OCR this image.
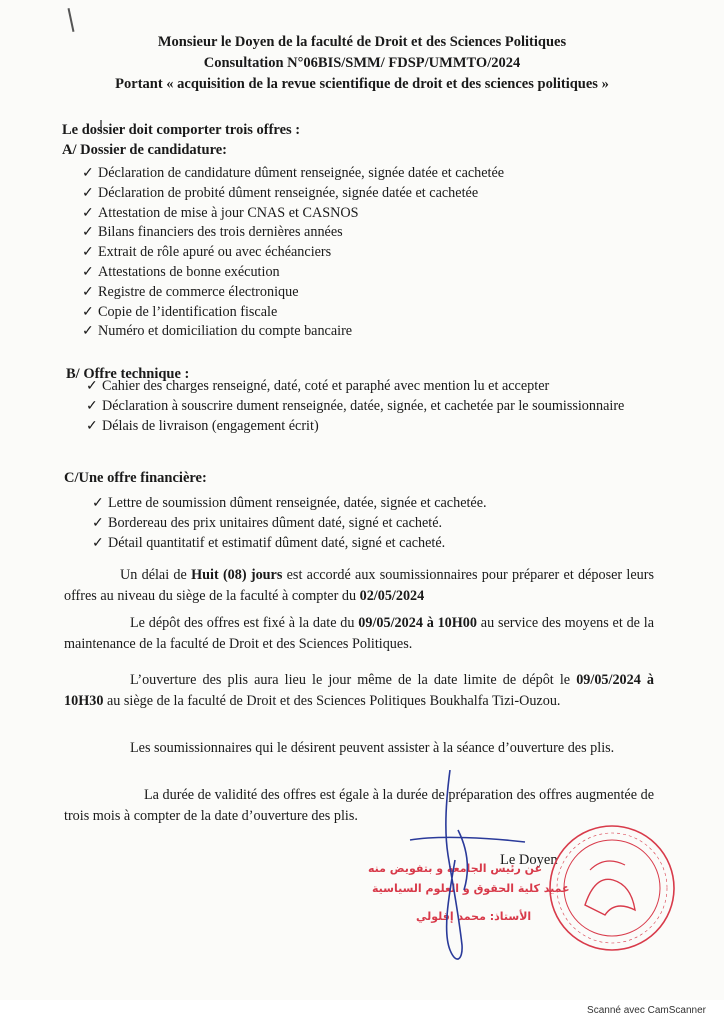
Monsieur le Doyen de la faculté de Droit et des Sciences Politiques
Consultation N°06BIS/SMM/ FDSP/UMMTO/2024
Portant « acquisition de la revue scientifique de droit et des sciences politiques »
Le dossier doit comporter trois offres :
A/ Dossier de candidature:
✓ Déclaration de candidature dûment renseignée, signée datée et cachetée
✓ Déclaration de probité dûment renseignée, signée datée et cachetée
✓ Attestation de mise à jour CNAS et CASNOS
✓ Bilans financiers des trois dernières années
✓ Extrait de rôle apuré ou avec échéanciers
✓ Attestations de bonne exécution
✓ Registre de commerce électronique
✓ Copie de l’identification fiscale
✓ Numéro et domiciliation du compte bancaire
B/ Offre technique :
✓ Cahier des charges renseigné, daté, coté et paraphé avec mention lu et accepter
✓ Déclaration à souscrire dument renseignée, datée, signée, et cachetée par le soumissionnaire
✓ Délais de livraison (engagement écrit)
C/Une offre financière:
✓ Lettre de soumission dûment renseignée, datée, signée et cachetée.
✓ Bordereau des prix unitaires dûment daté, signé et cacheté.
✓ Détail quantitatif et estimatif dûment daté, signé et cacheté.
Un délai de Huit (08) jours est accordé aux soumissionnaires pour préparer et déposer leurs offres au niveau du siège de la faculté à compter du 02/05/2024
Le dépôt des offres est fixé à la date du 09/05/2024 à 10H00 au service des moyens et de la maintenance de la faculté de Droit et des Sciences Politiques.
L’ouverture des plis aura lieu le jour même de la date limite de dépôt le 09/05/2024 à 10H30 au siège de la faculté de Droit et des Sciences Politiques Boukhalfa Tizi-Ouzou.
Les soumissionnaires qui le désirent peuvent assister à la séance d’ouverture des plis.
La durée de validité des offres est égale à la durée de préparation des offres augmentée de trois mois à compter de la date d’ouverture des plis.
Le Doyen
عن رئيس الجامعة و بتفويض منه
عميد كلية الحقوق و العلوم السياسية
الأستاذ: محمد إقلولي
Scanné avec CamScanner
